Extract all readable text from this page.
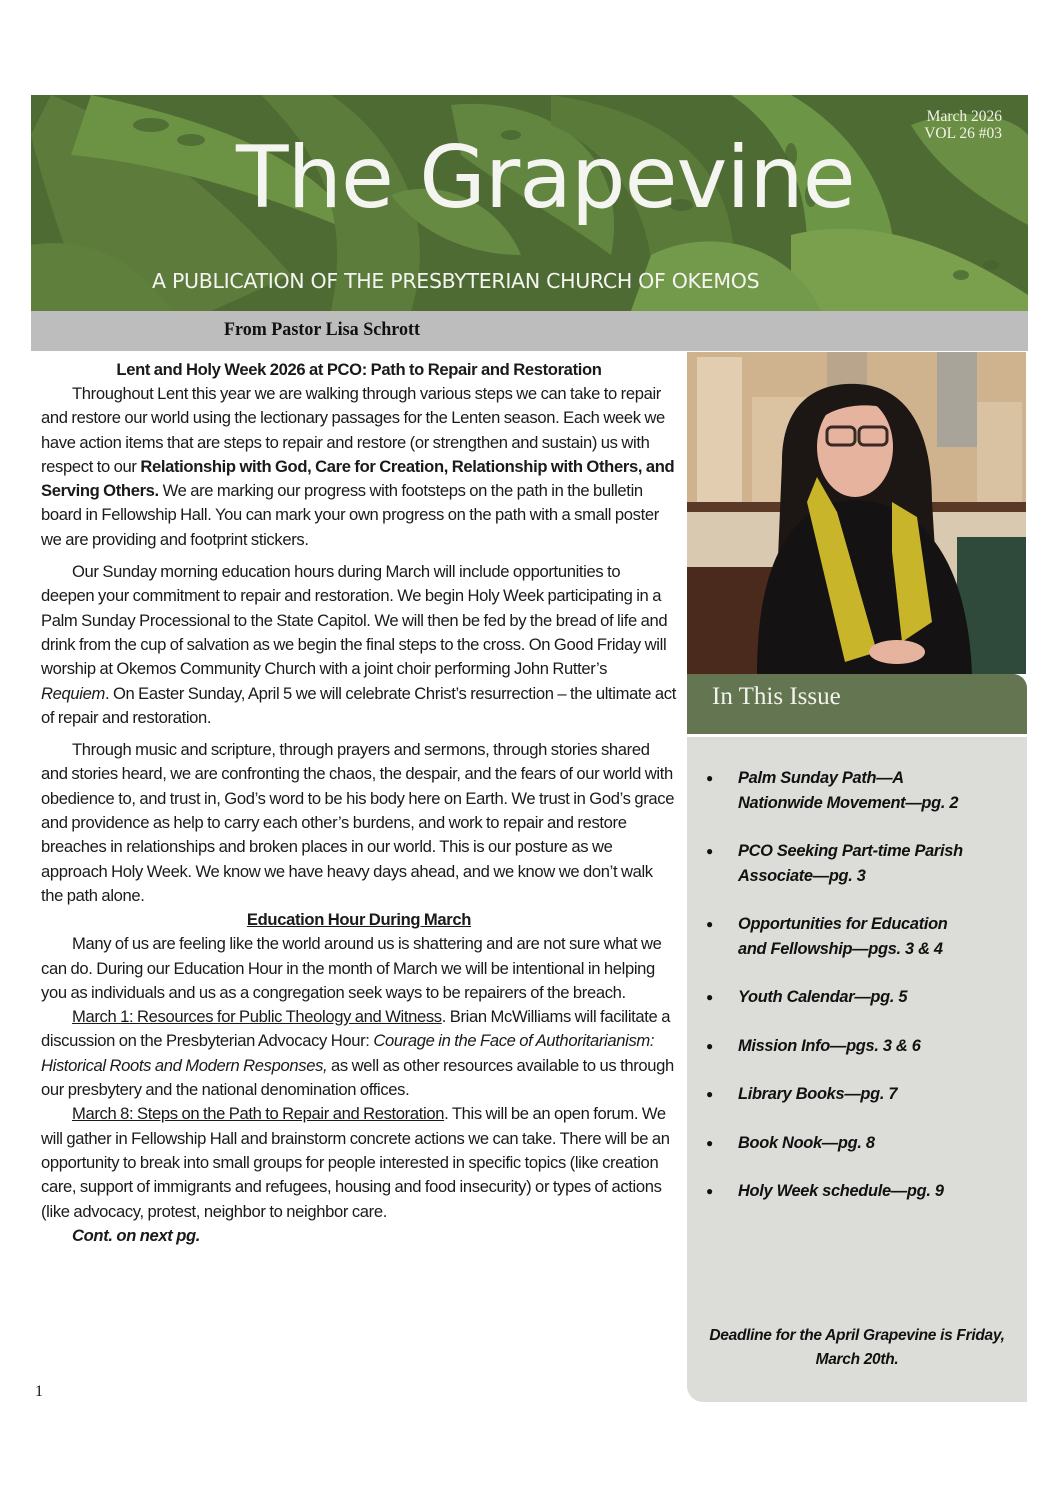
March 2026
VOL 26 #03
The Grapevine
A PUBLICATION OF THE PRESBYTERIAN CHURCH OF OKEMOS
From Pastor Lisa Schrott
Lent and Holy Week 2026 at PCO: Path to Repair and Restoration

Throughout Lent this year we are walking through various steps we can take to repair and restore our world using the lectionary passages for the Lenten season. Each week we have action items that are steps to repair and restore (or strengthen and sustain) us with respect to our Relationship with God, Care for Creation, Relationship with Others, and Serving Others. We are marking our progress with footsteps on the path in the bulletin board in Fellowship Hall. You can mark your own progress on the path with a small poster we are providing and footprint stickers.

Our Sunday morning education hours during March will include opportunities to deepen your commitment to repair and restoration. We begin Holy Week participating in a Palm Sunday Processional to the State Capitol. We will then be fed by the bread of life and drink from the cup of salvation as we begin the final steps to the cross. On Good Friday will worship at Okemos Community Church with a joint choir performing John Rutter’s Requiem. On Easter Sunday, April 5 we will celebrate Christ’s resurrection – the ultimate act of repair and restoration.

Through music and scripture, through prayers and sermons, through stories shared and stories heard, we are confronting the chaos, the despair, and the fears of our world with obedience to, and trust in, God’s word to be his body here on Earth. We trust in God’s grace and providence as help to carry each other’s burdens, and work to repair and restore breaches in relationships and broken places in our world. This is our posture as we approach Holy Week. We know we have heavy days ahead, and we know we don’t walk the path alone.

Education Hour During March

Many of us are feeling like the world around us is shattering and are not sure what we can do. During our Education Hour in the month of March we will be intentional in helping you as individuals and us as a congregation seek ways to be repairers of the breach.

March 1: Resources for Public Theology and Witness. Brian McWilliams will facilitate a discussion on the Presbyterian Advocacy Hour: Courage in the Face of Authoritarianism: Historical Roots and Modern Responses, as well as other resources available to us through our presbytery and the national denomination offices.

March 8: Steps on the Path to Repair and Restoration. This will be an open forum. We will gather in Fellowship Hall and brainstorm concrete actions we can take. There will be an opportunity to break into small groups for people interested in specific topics (like creation care, support of immigrants and refugees, housing and food insecurity) or types of actions (like advocacy, protest, neighbor to neighbor care.

Cont. on next pg.
1
In This Issue
● Palm Sunday Path—A Nationwide Movement—pg. 2
● PCO Seeking Part-time Parish Associate—pg. 3
● Opportunities for Education and Fellowship—pgs. 3 & 4
● Youth Calendar—pg. 5
● Mission Info—pgs. 3 & 6
● Library Books—pg. 7
● Book Nook—pg. 8
● Holy Week schedule—pg. 9
Deadline for the April Grapevine is Friday, March 20th.
